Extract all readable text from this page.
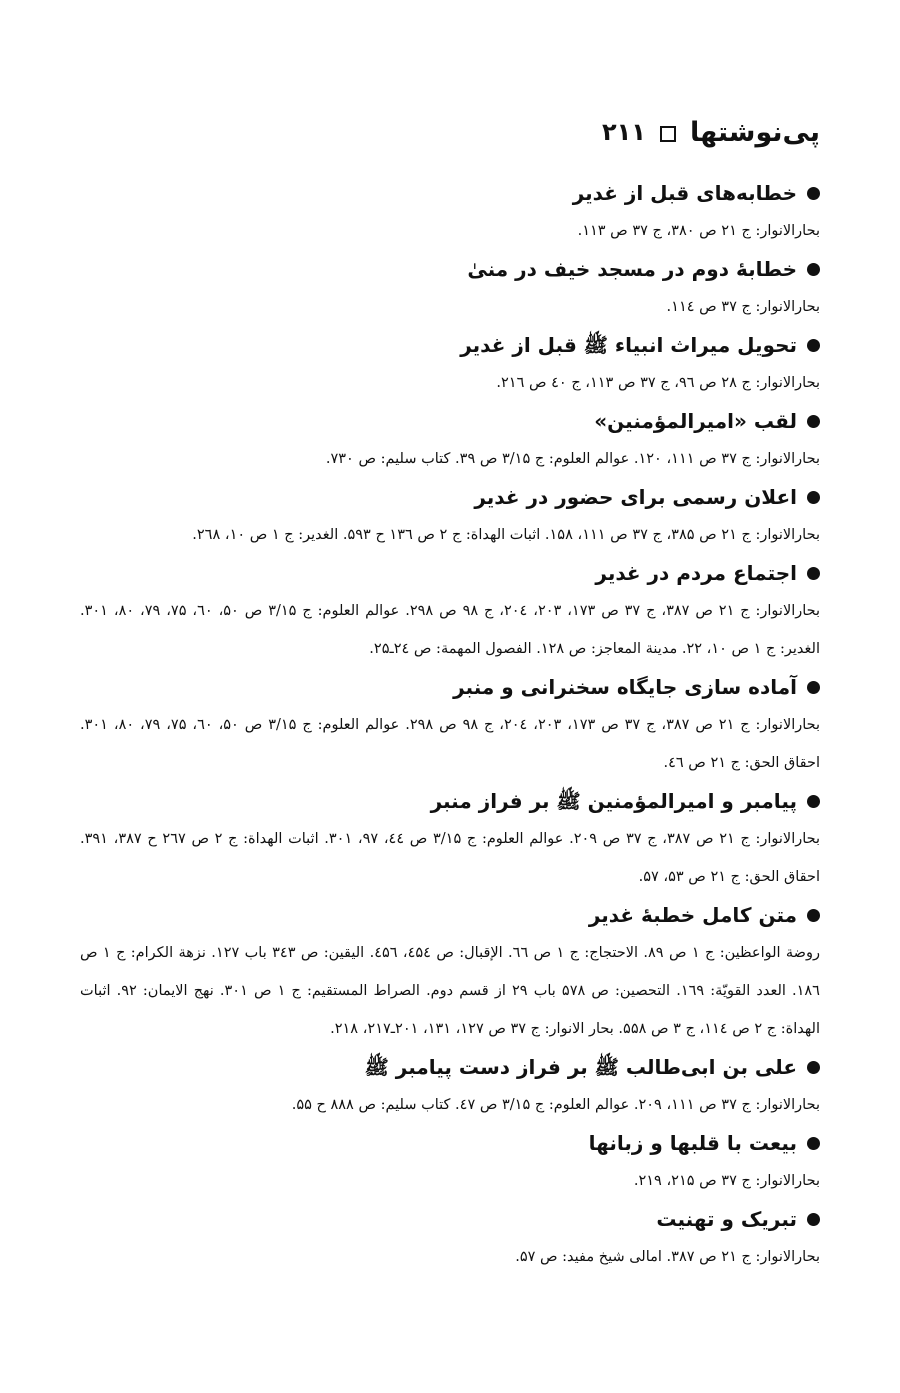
پی‌نوشتها
۲۱۱
خطابه‌های قبل از غدیر
بحارالانوار: ج ۲۱ ص ۳۸۰، ج ۳۷ ص ۱۱۳.
خطابهٔ دوم در مسجد خیف در منیٰ
بحارالانوار: ج ۳۷ ص ۱۱٤.
تحویل میراث انبیاء ﷺ قبل از غدیر
بحارالانوار: ج ۲۸ ص ۹٦، ج ۳۷ ص ۱۱۳، ج ٤۰ ص ۲۱٦.
لقب «امیرالمؤمنین»
بحارالانوار: ج ۳۷ ص ۱۱۱، ۱۲۰. عوالم العلوم: ج ۳/۱۵ ص ۳۹. کتاب سلیم: ص ۷۳۰.
اعلان رسمی برای حضور در غدیر
بحارالانوار: ج ۲۱ ص ۳۸۵، ج ۳۷ ص ۱۱۱، ۱۵۸. اثبات الهداة: ج ۲ ص ۱۳٦ ح ۵۹۳. الغدیر: ج ۱ ص ۱۰، ۲٦۸.
اجتماع مردم در غدیر
بحارالانوار: ج ۲۱ ص ۳۸۷، ج ۳۷ ص ۱۷۳، ۲۰۳، ۲۰٤، ج ۹۸ ص ۲۹۸. عوالم العلوم: ج ۳/۱۵ ص ۵۰، ٦۰، ۷۵، ۷۹، ۸۰، ۳۰۱. الغدیر: ج ۱ ص ۱۰، ۲۲. مدینة المعاجز: ص ۱۲۸. الفصول المهمة: ص ۲٤ـ۲۵.
آماده سازی جایگاه سخنرانی و منبر
بحارالانوار: ج ۲۱ ص ۳۸۷، ج ۳۷ ص ۱۷۳، ۲۰۳، ۲۰٤، ج ۹۸ ص ۲۹۸. عوالم العلوم: ج ۳/۱۵ ص ۵۰، ٦۰، ۷۵، ۷۹، ۸۰، ۳۰۱. احقاق الحق: ج ۲۱ ص ٤٦.
پیامبر و امیرالمؤمنین ﷺ بر فراز منبر
بحارالانوار: ج ۲۱ ص ۳۸۷، ج ۳۷ ص ۲۰۹. عوالم العلوم: ج ۳/۱۵ ص ٤٤، ۹۷، ۳۰۱. اثبات الهداة: ج ۲ ص ۲٦۷ ح ۳۸۷، ۳۹۱. احقاق الحق: ج ۲۱ ص ۵۳، ۵۷.
متن کامل خطبهٔ غدیر
روضة الواعظین: ج ۱ ص ۸۹. الاحتجاج: ج ۱ ص ٦٦. الإقبال: ص ٤۵٤، ٤۵٦. الیقین: ص ۳٤۳ باب ۱۲۷. نزهة الکرام: ج ۱ ص ۱۸٦. العدد القویّة: ۱٦۹. التحصین: ص ۵۷۸ باب ۲۹ از قسم دوم. الصراط المستقیم: ج ۱ ص ۳۰۱. نهج الایمان: ۹۲. اثبات الهداة: ج ۲ ص ۱۱٤، ج ۳ ص ۵۵۸. بحار الانوار: ج ۳۷ ص ۱۲۷، ۱۳۱، ۲۰۱ـ۲۱۷، ۲۱۸.
علی بن ابی‌طالب ﷺ بر فراز دست پیامبر ﷺ
بحارالانوار: ج ۳۷ ص ۱۱۱، ۲۰۹. عوالم العلوم: ج ۳/۱۵ ص ٤۷. کتاب سلیم: ص ۸۸۸ ح ۵۵.
بیعت با قلبها و زبانها
بحارالانوار: ج ۳۷ ص ۲۱۵، ۲۱۹.
تبریک و تهنیت
بحارالانوار: ج ۲۱ ص ۳۸۷. امالی شیخ مفید: ص ۵۷.
